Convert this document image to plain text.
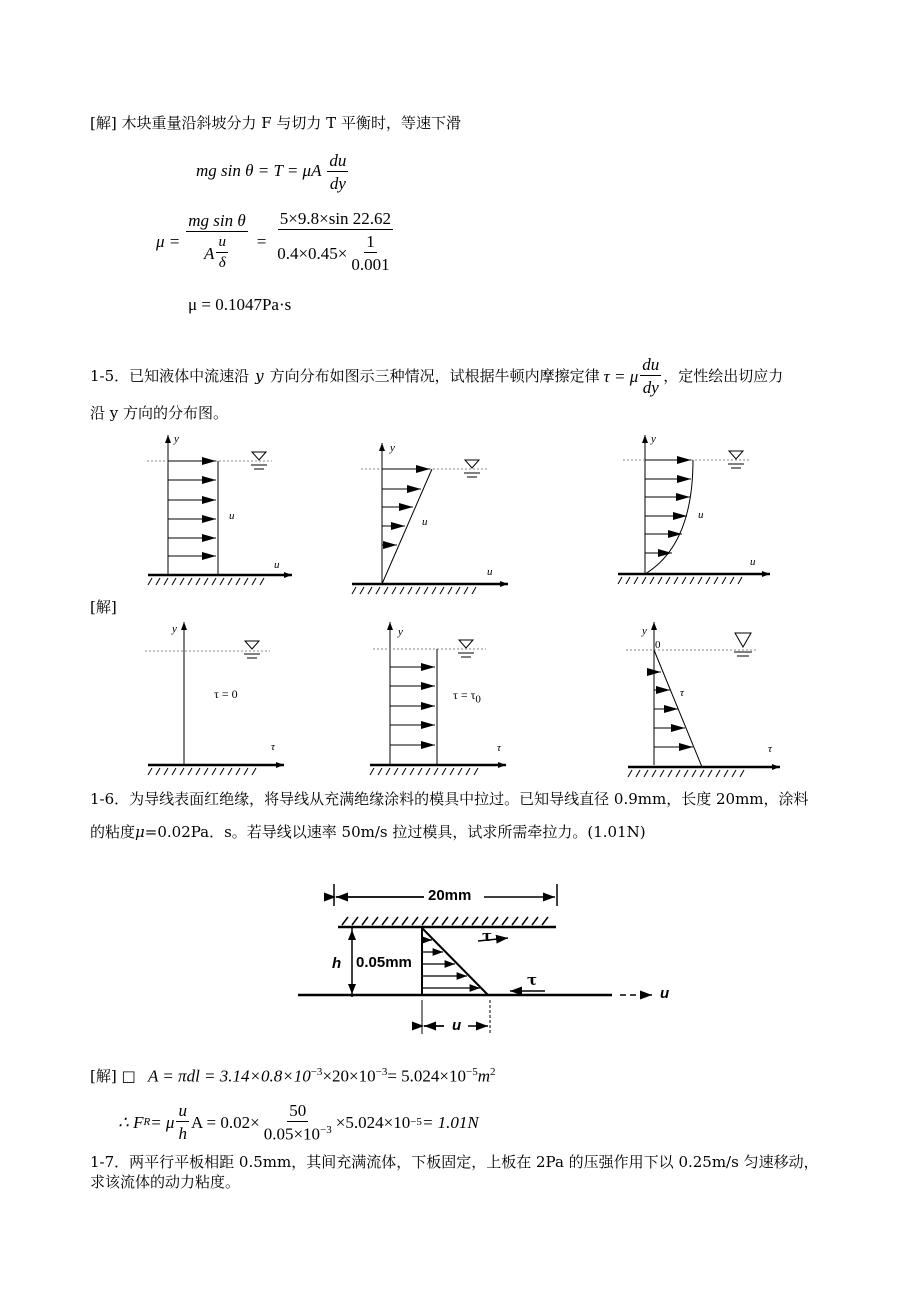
[解] 木块重量沿斜坡分力 F 与切力 T 平衡时，等速下滑
mg sin θ = T = μA $\frac{du}{dy}$
$\mu = \frac{\text{mg sin θ}}{A \frac{u}{\delta}} = \frac{5\times 9.8\times\sin 22.62}{0.4\times 0.45\times \frac{1}{0.001}}$
μ = 0.1047Pa·s
1-5．已知液体中流速沿 y 方向分布如图示三种情况，试根据牛顿内摩擦定律 τ = μ $\frac{du}{dy}$ ，定性绘出切应力
沿 y 方向的分布图。
y
u
u
y
u
u
y
u
u
[解]
y
τ = 0
τ
y
$\tau = \tau_0$
τ
y
0
τ
τ
1-6．为导线表面红绝缘，将导线从充满绝缘涂料的模具中拉过。已知导线直径 0.9mm，长度 20mm，涂料
的粘度μ=0.02Pa．s。若导线以速率 50m/s 拉过模具，试求所需牵拉力。(1.01N)
20mm
h 0.05mm
τ
τ
u
u
[解] □ $A = \pi dl = 3.14\times 0.8\times 10^{-3}\times 20\times 10^{-3}= 5.024\times 10^{-5}m^2$
∴ F R = μ $\frac{u}{h}$ $A = 0.02\times \frac{50}{0.05\times 10^{-3}} \times 5.024\times 10 -5 = 1.01N$
1-7．两平行平板相距 0.5mm，其间充满流体，下板固定，上板在 2Pa 的压强作用下以 0.25m/s 匀速移动，
求该流体的动力粘度。
